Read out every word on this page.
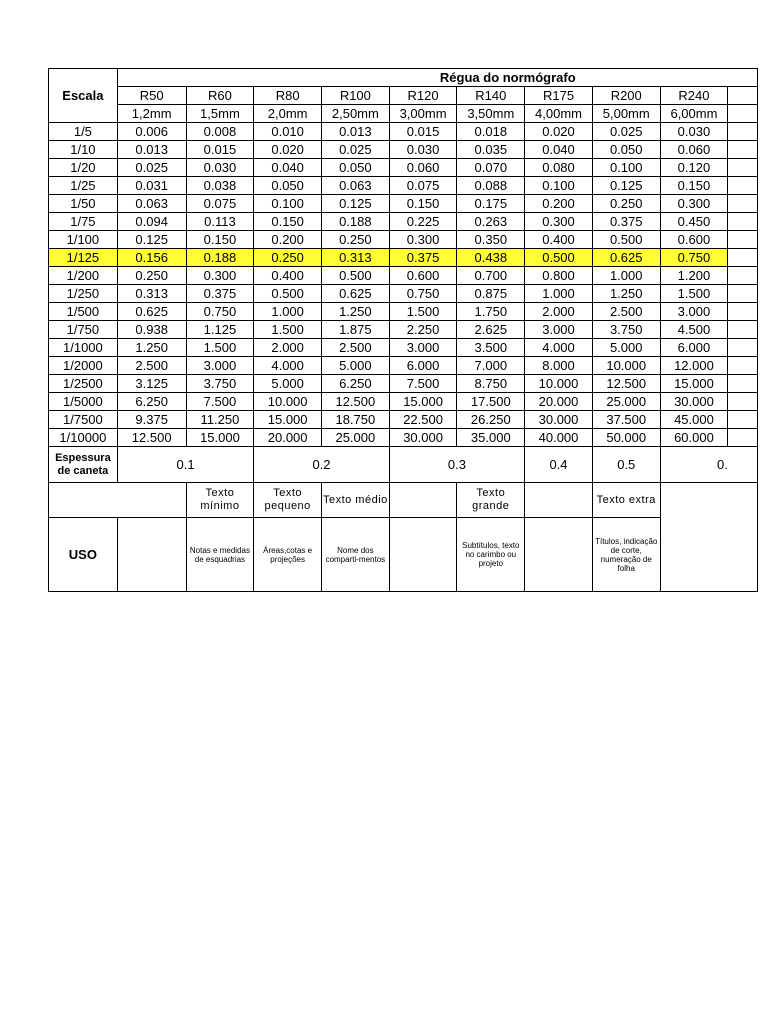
Escala	Régua do normógrafo									
	R50	R60	R80	R100	R120	R140	R175	R200	R240	
	1,2mm	1,5mm	2,0mm	2,50mm	3,00mm	3,50mm	4,00mm	5,00mm	6,00mm	
1/5	0.006	0.008	0.010	0.013	0.015	0.018	0.020	0.025	0.030	
1/10	0.013	0.015	0.020	0.025	0.030	0.035	0.040	0.050	0.060	
1/20	0.025	0.030	0.040	0.050	0.060	0.070	0.080	0.100	0.120	
1/25	0.031	0.038	0.050	0.063	0.075	0.088	0.100	0.125	0.150	
1/50	0.063	0.075	0.100	0.125	0.150	0.175	0.200	0.250	0.300	
1/75	0.094	0.113	0.150	0.188	0.225	0.263	0.300	0.375	0.450	
1/100	0.125	0.150	0.200	0.250	0.300	0.350	0.400	0.500	0.600	
1/125	0.156	0.188	0.250	0.313	0.375	0.438	0.500	0.625	0.750	
1/200	0.250	0.300	0.400	0.500	0.600	0.700	0.800	1.000	1.200	
1/250	0.313	0.375	0.500	0.625	0.750	0.875	1.000	1.250	1.500	
1/500	0.625	0.750	1.000	1.250	1.500	1.750	2.000	2.500	3.000	
1/750	0.938	1.125	1.500	1.875	2.250	2.625	3.000	3.750	4.500	
1/1000	1.250	1.500	2.000	2.500	3.000	3.500	4.000	5.000	6.000	
1/2000	2.500	3.000	4.000	5.000	6.000	7.000	8.000	10.000	12.000	
1/2500	3.125	3.750	5.000	6.250	7.500	8.750	10.000	12.500	15.000	
1/5000	6.250	7.500	10.000	12.500	15.000	17.500	20.000	25.000	30.000	
1/7500	9.375	11.250	15.000	18.750	22.500	26.250	30.000	37.500	45.000	
1/10000	12.500	15.000	20.000	25.000	30.000	35.000	40.000	50.000	60.000	
Espessura de caneta	0.1		0.2		0.3		0.4	0.5	0.	
		Texto mínimo	Texto pequeno	Texto médio		Texto grande		Texto extra		
USO		Notas e medidas de esquadrias	Áreas,cotas e projeções	Nome dos comparti-mentos		Subtítulos, texto no carimbo ou projeto		Títulos, indicação de corte, numeração de folha		
